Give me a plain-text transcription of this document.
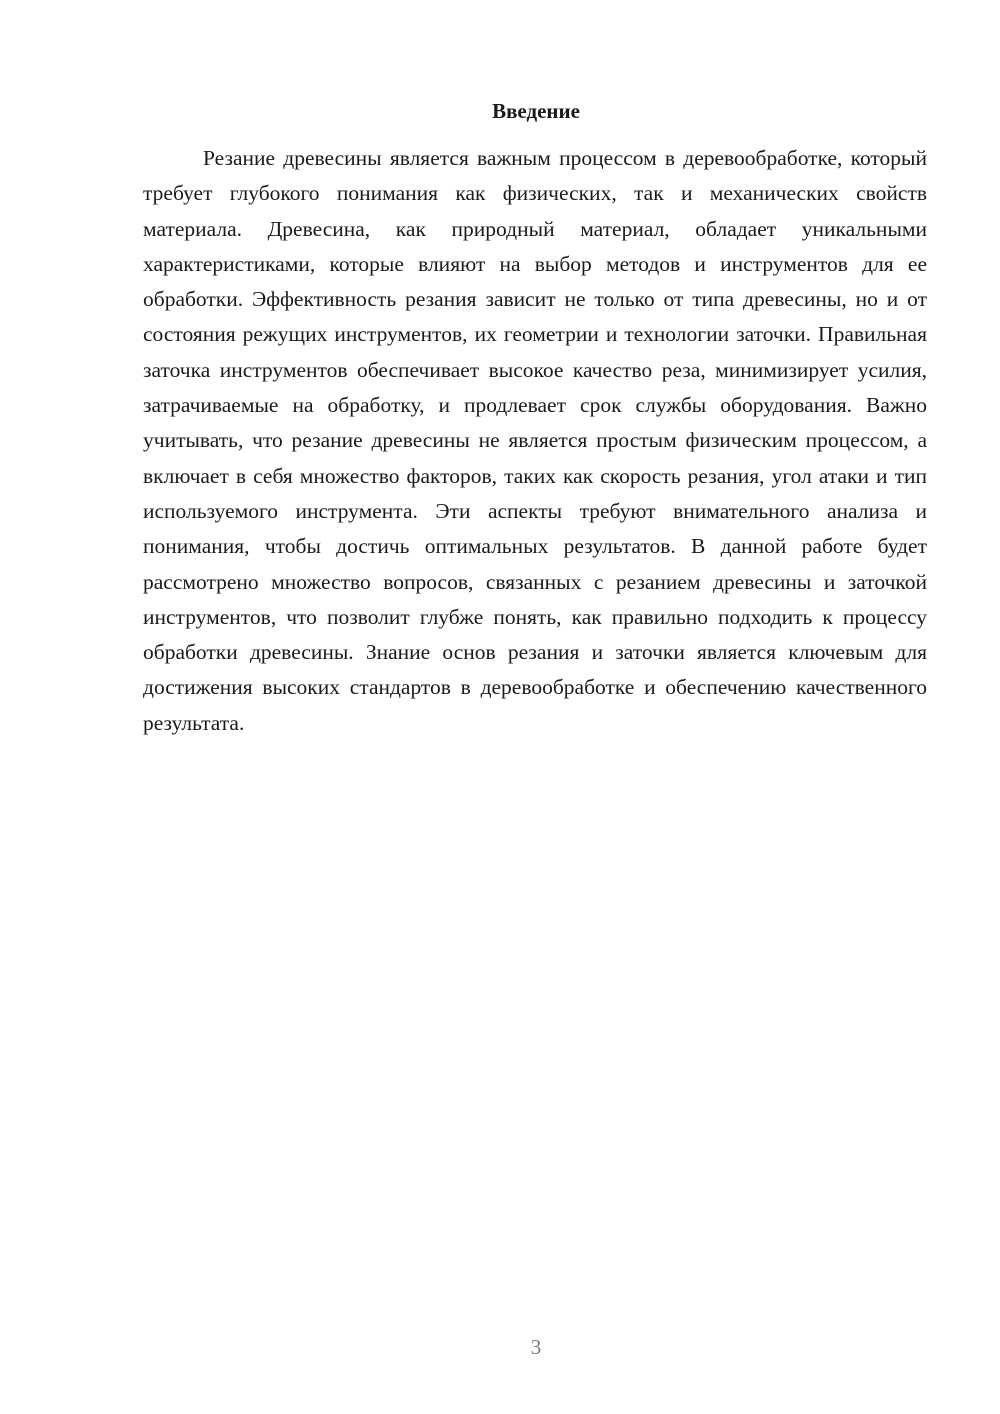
Введение

Резание древесины является важным процессом в деревообработке, который требует глубокого понимания как физических, так и механических свойств материала. Древесина, как природный материал, обладает уникальными характеристиками, которые влияют на выбор методов и инструментов для ее обработки. Эффективность резания зависит не только от типа древесины, но и от состояния режущих инструментов, их геометрии и технологии заточки. Правильная заточка инструментов обеспечивает высокое качество реза, минимизирует усилия, затрачиваемые на обработку, и продлевает срок службы оборудования. Важно учитывать, что резание древесины не является простым физическим процессом, а включает в себя множество факторов, таких как скорость резания, угол атаки и тип используемого инструмента. Эти аспекты требуют внимательного анализа и понимания, чтобы достичь оптимальных результатов. В данной работе будет рассмотрено множество вопросов, связанных с резанием древесины и заточкой инструментов, что позволит глубже понять, как правильно подходить к процессу обработки древесины. Знание основ резания и заточки является ключевым для достижения высоких стандартов в деревообработке и обеспечению качественного результата.

3
